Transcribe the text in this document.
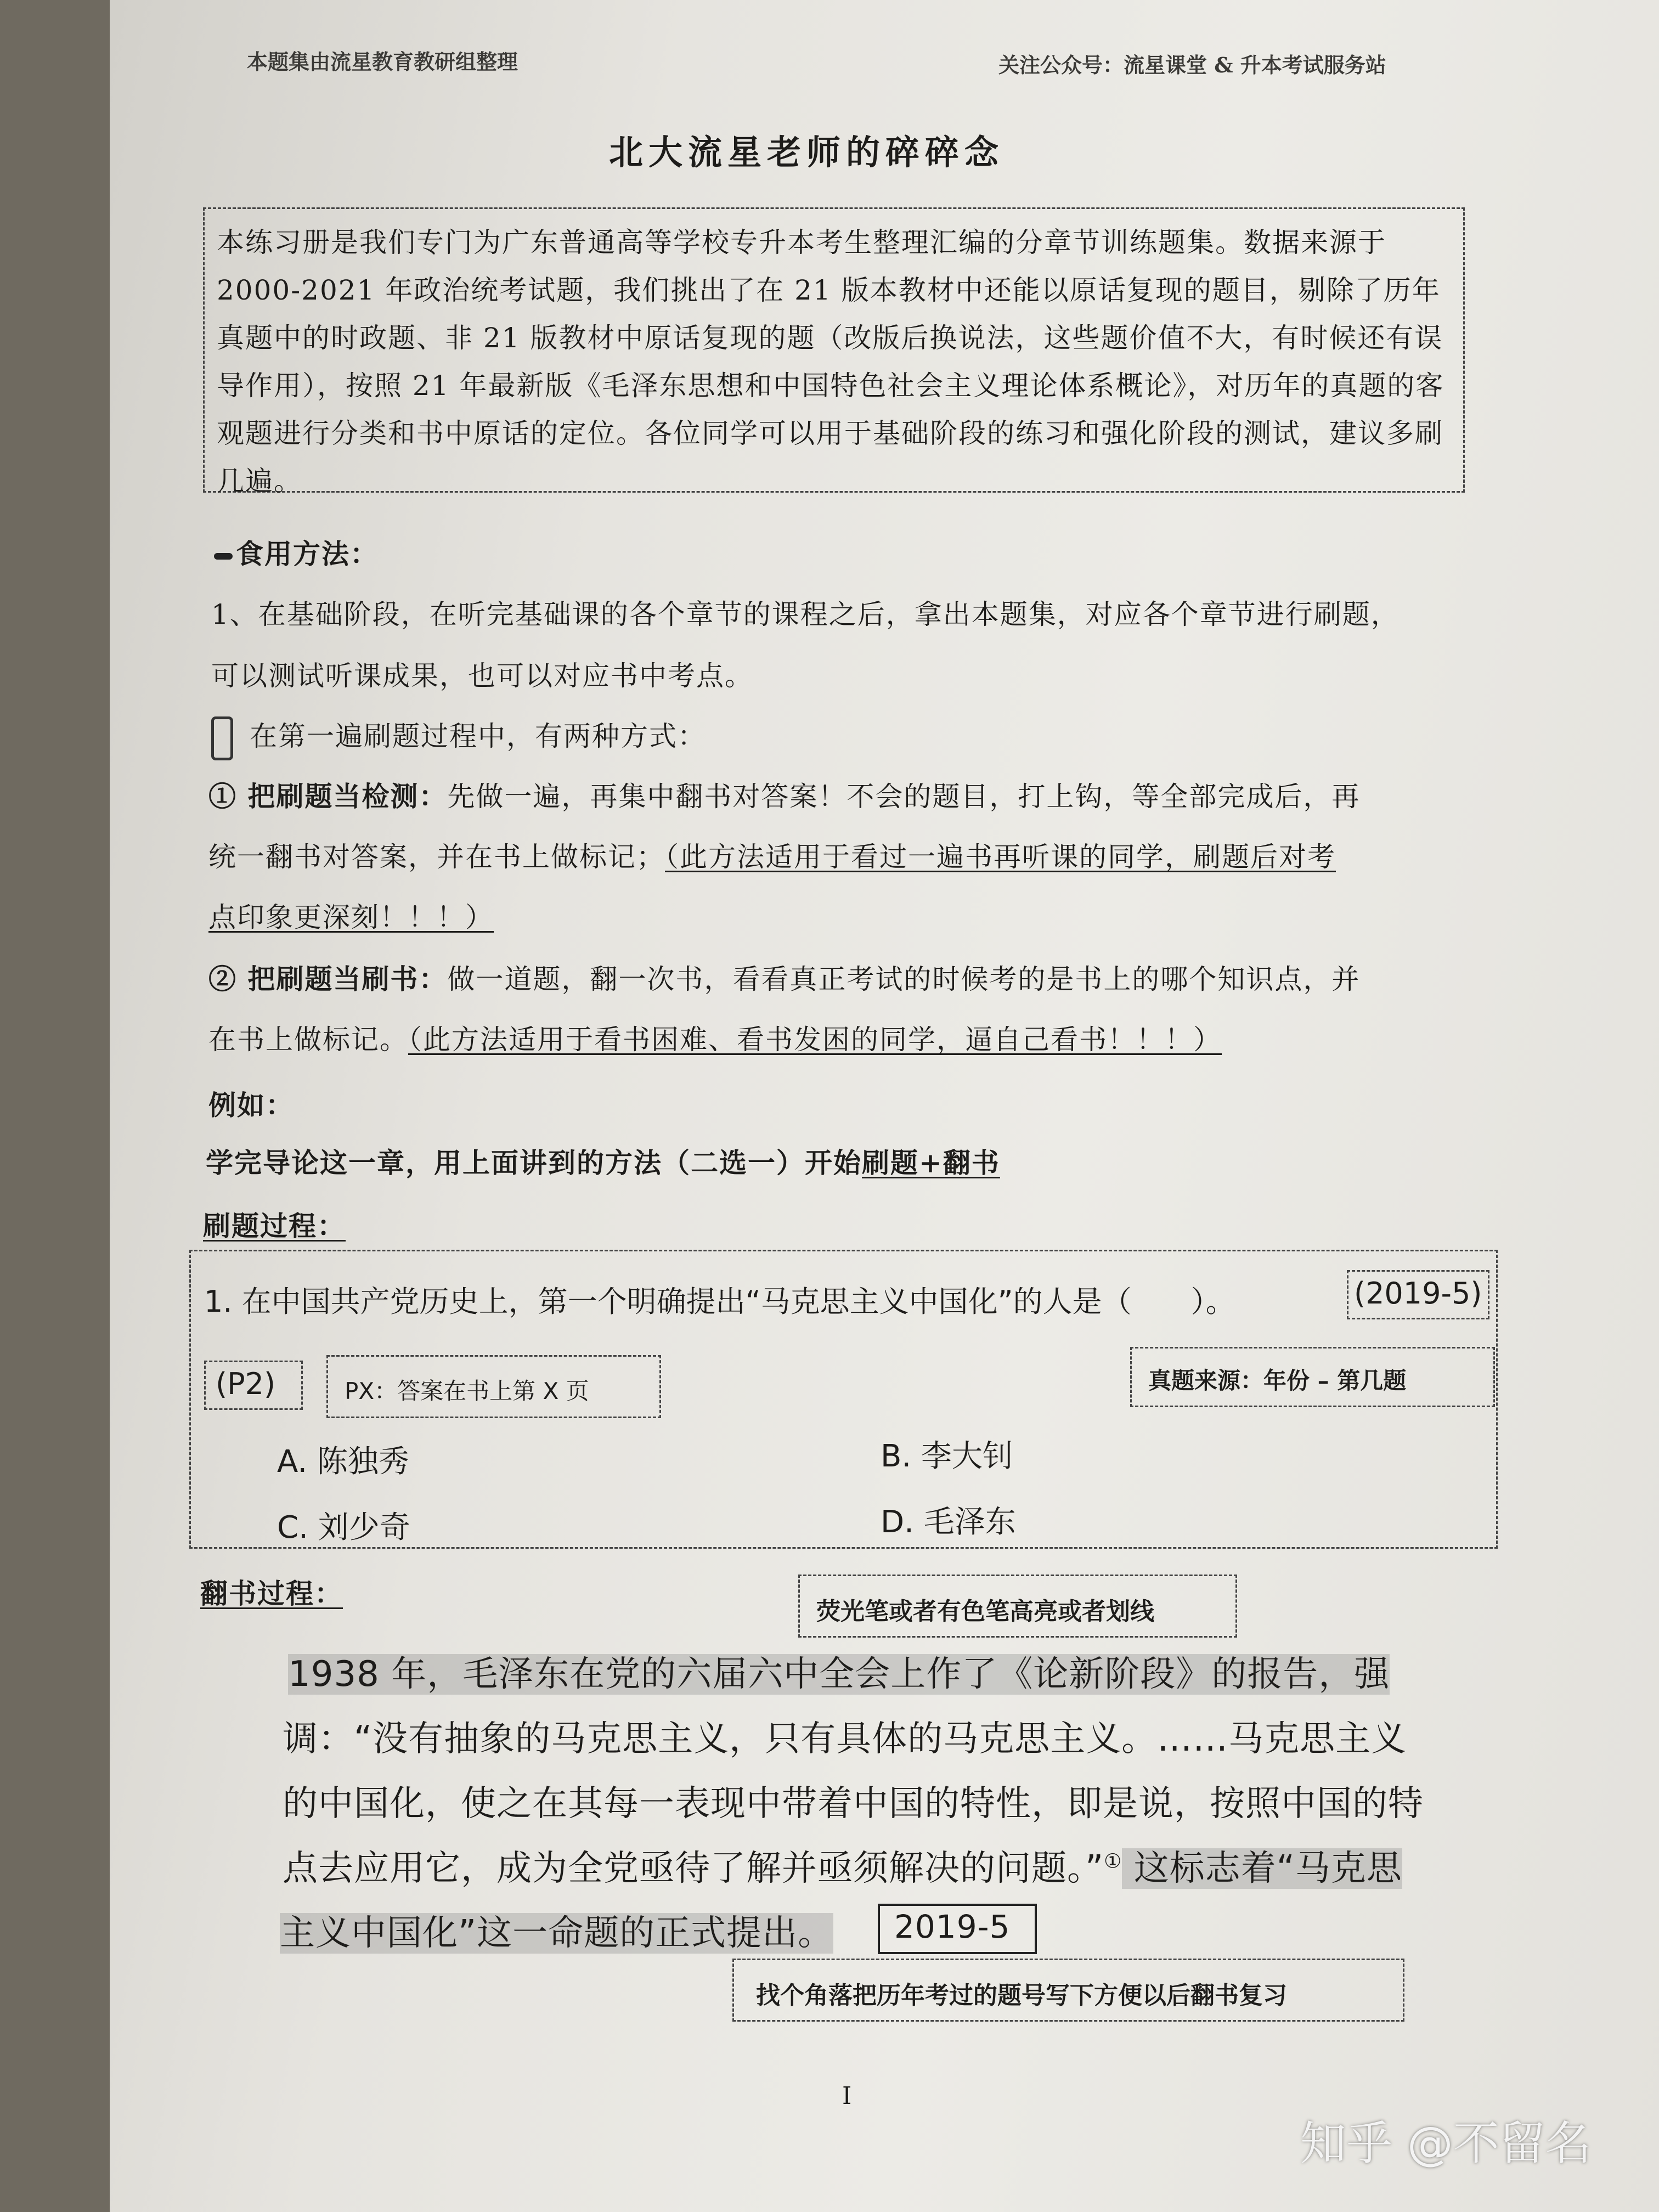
本题集由流星教育教研组整理	关注公众号：流星课堂 & 升本考试服务站
北大流星老师的碎碎念
本练习册是我们专门为广东普通高等学校专升本考生整理汇编的分章节训练题集。数据来源于 2000-2021 年政治统考试题，我们挑出了在 21 版本教材中还能以原话复现的题目，剔除了历年真题中的时政题、非 21 版教材中原话复现的题（改版后换说法，这些题价值不大，有时候还有误导作用），按照 21 年最新版《毛泽东思想和中国特色社会主义理论体系概论》，对历年的真题的客观题进行分类和书中原话的定位。各位同学可以用于基础阶段的练习和强化阶段的测试，建议多刷几遍。
食用方法：
1、在基础阶段，在听完基础课的各个章节的课程之后，拿出本题集，对应各个章节进行刷题，
可以测试听课成果，也可以对应书中考点。
在第一遍刷题过程中，有两种方式：
① 把刷题当检测：先做一遍，再集中翻书对答案！不会的题目，打上钩，等全部完成后，再
统一翻书对答案，并在书上做标记；（此方法适用于看过一遍书再听课的同学，刷题后对考
点印象更深刻！！！）
② 把刷题当刷书：做一道题，翻一次书，看看真正考试的时候考的是书上的哪个知识点，并
在书上做标记。（此方法适用于看书困难、看书发困的同学，逼自己看书！！！）
例如：
学完导论这一章，用上面讲到的方法（二选一）开始刷题+翻书
刷题过程：
1. 在中国共产党历史上，第一个明确提出“马克思主义中国化”的人是（　　）。	(2019-5)
(P2)	PX：答案在书上第 X 页	真题来源：年份 – 第几题
A. 陈独秀	B. 李大钊
C. 刘少奇	D. 毛泽东
翻书过程：
荧光笔或者有色笔高亮或者划线
1938 年，毛泽东在党的六届六中全会上作了《论新阶段》的报告，强
调：“没有抽象的马克思主义，只有具体的马克思主义。……马克思主义
的中国化，使之在其每一表现中带着中国的特性，即是说，按照中国的特
点去应用它，成为全党亟待了解并亟须解决的问题。”① 这标志着“马克思
主义中国化”这一命题的正式提出。	2019-5
找个角落把历年考过的题号写下方便以后翻书复习
I
知乎 @不留名
